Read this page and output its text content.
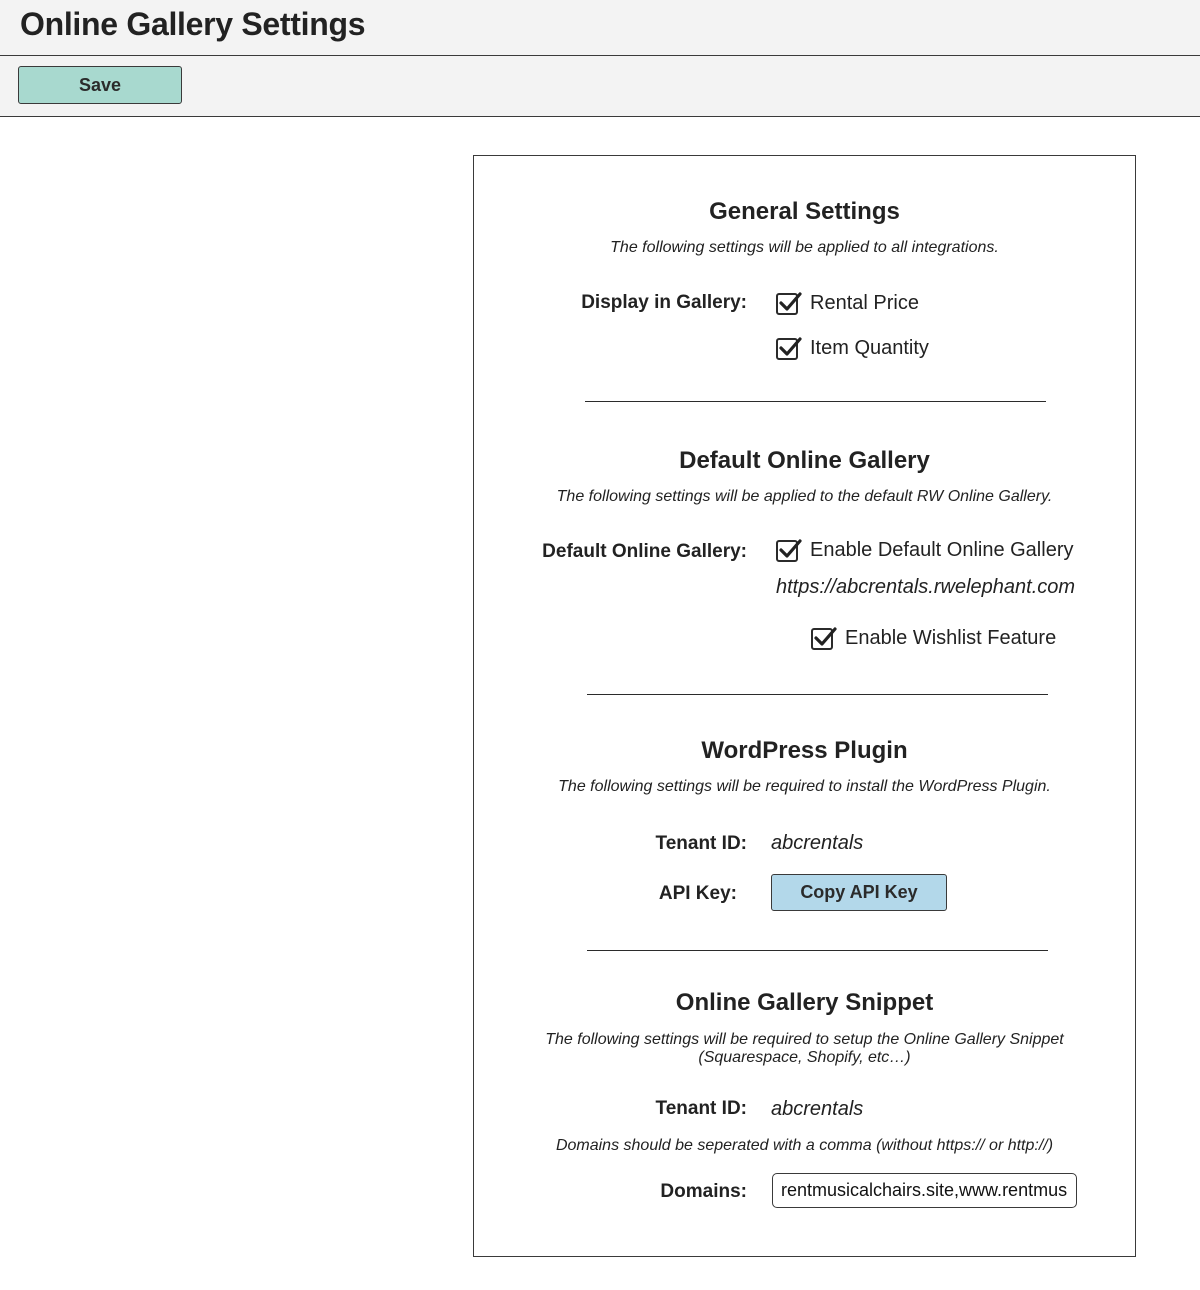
Online Gallery Settings
Save
General Settings

The following settings will be applied to all integrations.

Display in Gallery:	Rental Price
Item Quantity
Default Online Gallery

The following settings will be applied to the default RW Online Gallery.

Default Online Gallery:	Enable Default Online Gallery
https://abcrentals.rwelephant.com
Enable Wishlist Feature
WordPress Plugin

The following settings will be required to install the WordPress Plugin.

Tenant ID: abcrentals
API Key:	Copy API Key
Online Gallery Snippet

The following settings will be required to setup the Online Gallery Snippet

(Squarespace, Shopify, etc…)

Tenant ID: abcrentals

Domains should be seperated with a comma (without https:// or http://)

Domains:
rentmusicalchairs.site,www.rentmusicalchairs.site
